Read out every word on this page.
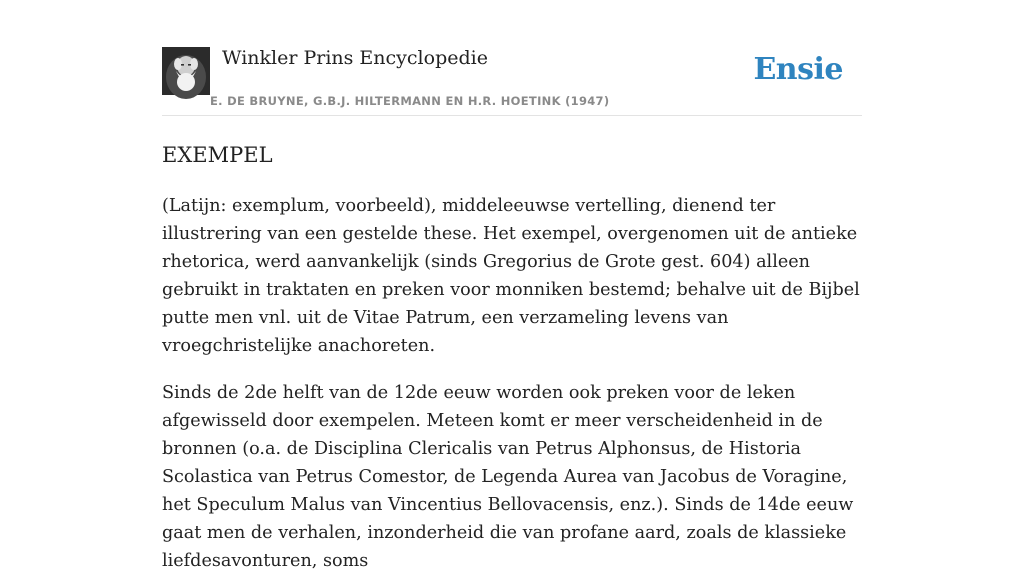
Winkler Prins Encyclopedie
E. DE BRUYNE, G.B.J. HILTERMANN EN H.R. HOETINK (1947)
Ensie
EXEMPEL

(Latijn: exemplum, voorbeeld), middeleeuwse vertelling, dienend ter illustrering van een gestelde these. Het exempel, overgenomen uit de antieke rhetorica, werd aanvankelijk (sinds Gregorius de Grote gest. 604) alleen gebruikt in traktaten en preken voor monniken bestemd; behalve uit de Bijbel putte men vnl. uit de Vitae Patrum, een verzameling levens van vroegchristelijke anachoreten.

Sinds de 2de helft van de 12de eeuw worden ook preken voor de leken afgewisseld door exempelen. Meteen komt er meer verscheidenheid in de bronnen (o.a. de Disciplina Clericalis van Petrus Alphonsus, de Historia Scolastica van Petrus Comestor, de Legenda Aurea van Jacobus de Voragine, het Speculum Malus van Vincentius Bellovacensis, enz.). Sinds de 14de eeuw gaat men de verhalen, inzonderheid die van profane aard, zoals de klassieke liefdesavonturen, soms
